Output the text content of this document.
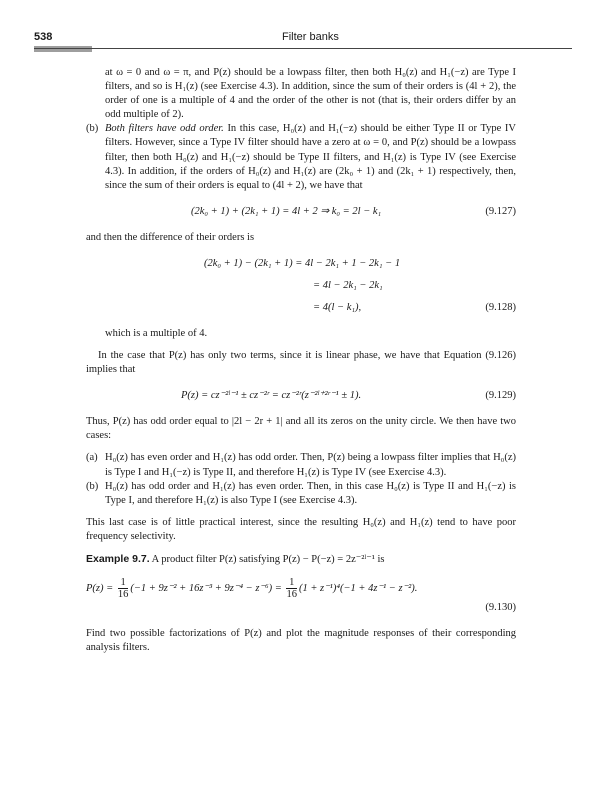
538	Filter banks

at ω = 0 and ω = π, and P(z) should be a lowpass filter, then both H₀(z) and H₁(−z) are Type I filters, and so is H₁(z) (see Exercise 4.3). In addition, since the sum of their orders is (4l + 2), the order of one is a multiple of 4 and the order of the other is not (that is, their orders differ by an odd multiple of 2).

(b) Both filters have odd order. In this case, H₀(z) and H₁(−z) should be either Type II or Type IV filters. However, since a Type IV filter should have a zero at ω = 0, and P(z) should be a lowpass filter, then both H₀(z) and H₁(−z) should be Type II filters, and H₁(z) is Type IV (see Exercise 4.3). In addition, if the orders of H₀(z) and H₁(z) are (2k₀ + 1) and (2k₁ + 1) respectively, then, since the sum of their orders is equal to (4l + 2), we have that
(2k₀ + 1) + (2k₁ + 1) = 4l + 2 ⇒ k₀ = 2l − k₁	(9.127)

and then the difference of their orders is

(2k₀ + 1) − (2k₁ + 1) = 4l − 2k₁ + 1 − 2k₁ − 1
= 4l − 2k₁ − 2k₁
= 4(l − k₁),	(9.128)

which is a multiple of 4.

In the case that P(z) has only two terms, since it is linear phase, we have that Equation (9.126) implies that

P(z) = cz⁻²ˡ⁻¹ ± cz⁻²ʳ = cz⁻²ʳ(z⁻²ˡ⁺²ʳ⁻¹ ± 1).	(9.129)

Thus, P(z) has odd order equal to |2l − 2r + 1| and all its zeros on the unity circle. We then have two cases:

(a) H₀(z) has even order and H₁(z) has odd order. Then, P(z) being a lowpass filter implies that H₀(z) is Type I and H₁(−z) is Type II, and therefore H₁(z) is Type IV (see Exercise 4.3).
(b) H₀(z) has odd order and H₁(z) has even order. Then, in this case H₀(z) is Type II and H₁(−z) is Type I, and therefore H₁(z) is also Type I (see Exercise 4.3).

This last case is of little practical interest, since the resulting H₀(z) and H₁(z) tend to have poor frequency selectivity.

Example 9.7. A product filter P(z) satisfying P(z) − P(−z) = 2z⁻²ˡ⁻¹ is

$P(z) = \frac{1}{16} (-1 + 9z^{-2} + 16z^{-3} + 9z^{-4} - z^{-6}) = \frac{1}{16} (1 + z^{-1})^4(-1 + 4z^{-1} - z^{-2})$.
(9.130)

Find two possible factorizations of P(z) and plot the magnitude responses of their corresponding analysis filters.
